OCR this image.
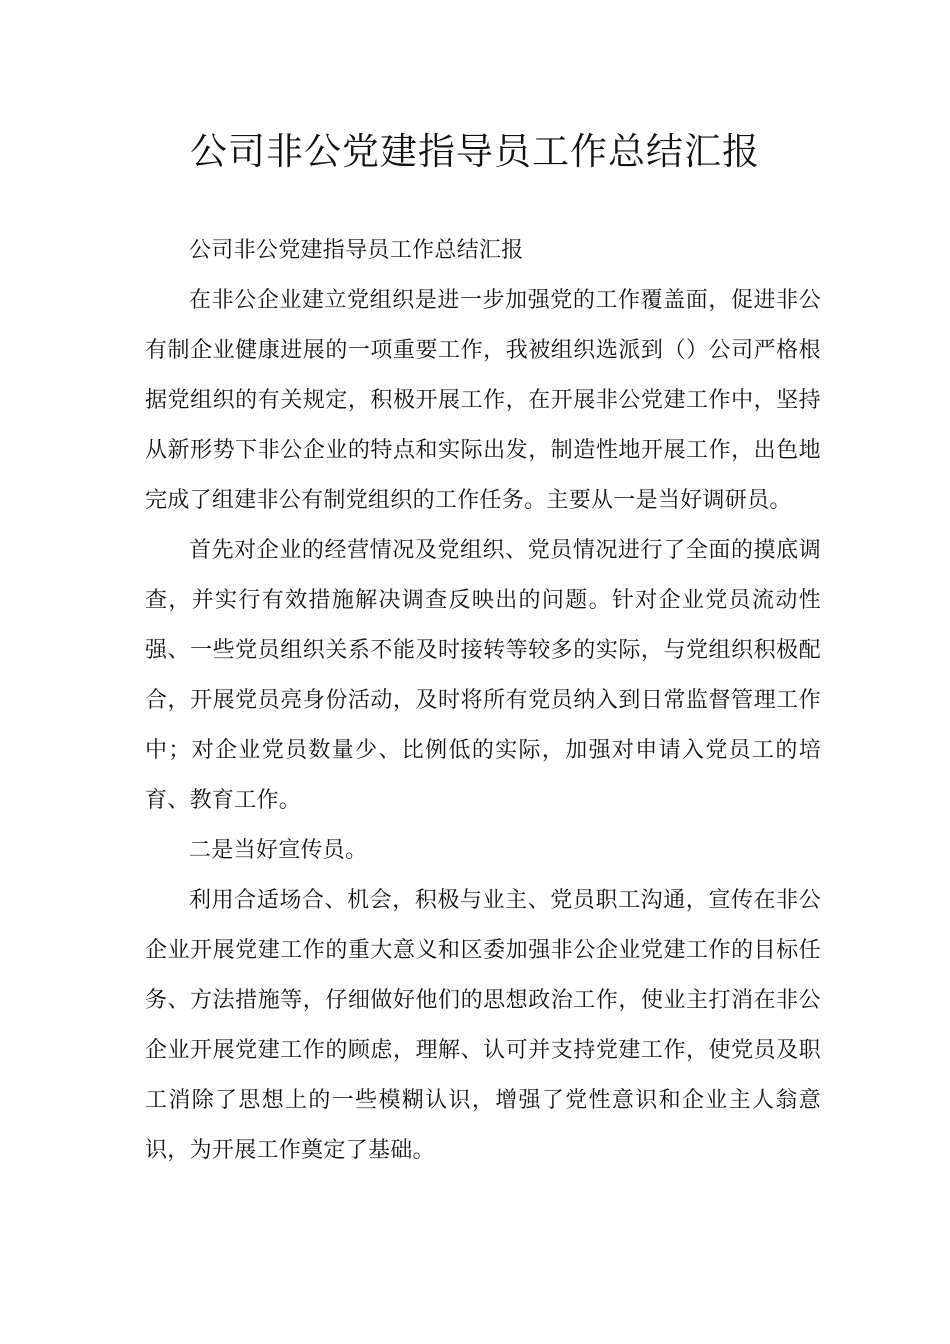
公司非公党建指导员工作总结汇报

公司非公党建指导员工作总结汇报

在非公企业建立党组织是进一步加强党的工作覆盖面，促进非公有制企业健康进展的一项重要工作，我被组织选派到（）公司严格根据党组织的有关规定，积极开展工作，在开展非公党建工作中，坚持从新形势下非公企业的特点和实际出发，制造性地开展工作，出色地完成了组建非公有制党组织的工作任务。主要从一是当好调研员。

首先对企业的经营情况及党组织、党员情况进行了全面的摸底调查，并实行有效措施解决调查反映出的问题。针对企业党员流动性强、一些党员组织关系不能及时接转等较多的实际，与党组织积极配合，开展党员亮身份活动，及时将所有党员纳入到日常监督管理工作中；对企业党员数量少、比例低的实际，加强对申请入党员工的培育、教育工作。

二是当好宣传员。

利用合适场合、机会，积极与业主、党员职工沟通，宣传在非公企业开展党建工作的重大意义和区委加强非公企业党建工作的目标任务、方法措施等，仔细做好他们的思想政治工作，使业主打消在非公企业开展党建工作的顾虑，理解、认可并支持党建工作，使党员及职工消除了思想上的一些模糊认识，增强了党性意识和企业主人翁意识，为开展工作奠定了基础。
